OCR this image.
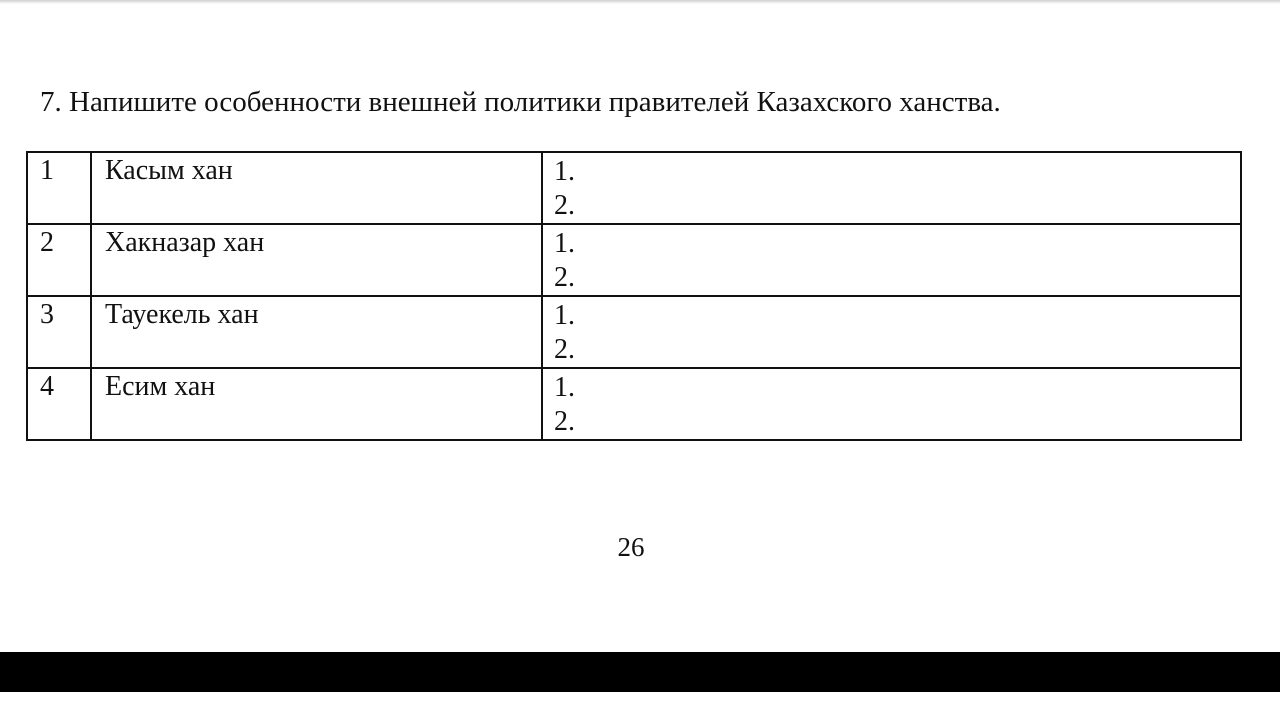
7. Напишите особенности внешней политики правителей Казахского ханства.
1	Касым хан	1.
2.

2	Хакназар хан	1.
2.

3	Тауекель хан	1.
2.

4	Есим хан	1.
2.
26
